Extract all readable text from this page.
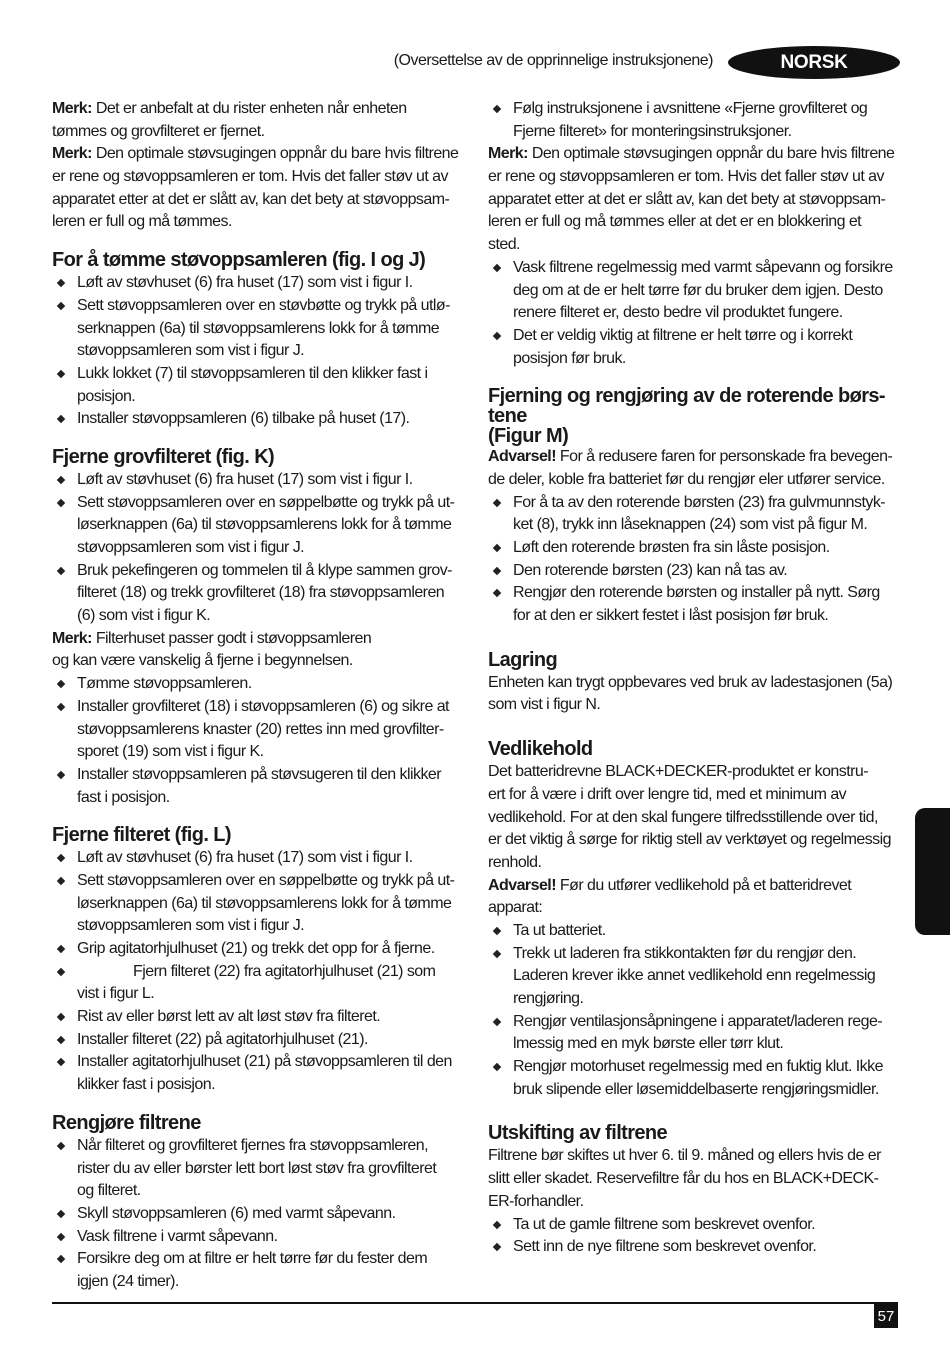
(Oversettelse av de opprinnelige instruksjonene)	NORSK
Merk: Det er anbefalt at du rister enheten når enheten
tømmes og grovfilteret er fjernet.
Merk: Den optimale støvsugingen oppnår du bare hvis filtrene
er rene og støvoppsamleren er tom. Hvis det faller støv ut av
apparatet etter at det er slått av, kan det bety at støvoppsam-
leren er full og må tømmes.
For å tømme støvoppsamleren (fig. I og J)
Løft av støvhuset (6) fra huset (17) som vist i figur I.
Sett støvoppsamleren over en støvbøtte og trykk på utlø-
serknappen (6a) til støvoppsamlerens lokk for å tømme
støvoppsamleren som vist i figur J.
Lukk lokket (7) til støvoppsamleren til den klikker fast i
posisjon.
Installer støvoppsamleren (6) tilbake på huset (17).
Fjerne grovfilteret (fig. K)
Løft av støvhuset (6) fra huset (17) som vist i figur I.
Sett støvoppsamleren over en søppelbøtte og trykk på ut-
løserknappen (6a) til støvoppsamlerens lokk for å tømme
støvoppsamleren som vist i figur J.
Bruk pekefingeren og tommelen til å klype sammen grov-
filteret (18) og trekk grovfilteret (18) fra støvoppsamleren
(6) som vist i figur K.
Merk: Filterhuset passer godt i støvoppsamleren
og kan være vanskelig å fjerne i begynnelsen.
Tømme støvoppsamleren.
Installer grovfilteret (18) i støvoppsamleren (6) og sikre at
støvoppsamlerens knaster (20) rettes inn med grovfilter-
sporet (19) som vist i figur K.
Installer støvoppsamleren på støvsugeren til den klikker
fast i posisjon.
Fjerne filteret (fig. L)
Løft av støvhuset (6) fra huset (17) som vist i figur I.
Sett støvoppsamleren over en søppelbøtte og trykk på ut-
løserknappen (6a) til støvoppsamlerens lokk for å tømme
støvoppsamleren som vist i figur J.
Grip agitatorhjulhuset (21) og trekk det opp for å fjerne.
Fjern filteret (22) fra agitatorhjulhuset (21) som
vist i figur L.
Rist av eller børst lett av alt løst støv fra filteret.
Installer filteret (22) på agitatorhjulhuset (21).
Installer agitatorhjulhuset (21) på støvoppsamleren til den
klikker fast i posisjon.
Rengjøre filtrene
Når filteret og grovfilteret fjernes fra støvoppsamleren,
rister du av eller børster lett bort løst støv fra grovfilteret
og filteret.
Skyll støvoppsamleren (6) med varmt såpevann.
Vask filtrene i varmt såpevann.
Forsikre deg om at filtre er helt tørre før du fester dem
igjen (24 timer).
Følg instruksjonene i avsnittene «Fjerne grovfilteret og
Fjerne filteret» for monteringsinstruksjoner.
Merk: Den optimale støvsugingen oppnår du bare hvis filtrene
er rene og støvoppsamleren er tom. Hvis det faller støv ut av
apparatet etter at det er slått av, kan det bety at støvoppsam-
leren er full og må tømmes eller at det er en blokkering et
sted.
Vask filtrene regelmessig med varmt såpevann og forsikre
deg om at de er helt tørre før du bruker dem igjen. Desto
renere filteret er, desto bedre vil produktet fungere.
Det er veldig viktig at filtrene er helt tørre og i korrekt
posisjon før bruk.
Fjerning og rengjøring av de roterende børs-
tene
(Figur M)
Advarsel! For å redusere faren for personskade fra bevegen-
de deler, koble fra batteriet før du rengjør eler utfører service.
For å ta av den roterende børsten (23) fra gulvmunnstyk-
ket (8), trykk inn låseknappen (24) som vist på figur M.
Løft den roterende brøsten fra sin låste posisjon.
Den roterende børsten (23) kan nå tas av.
Rengjør den roterende børsten og installer på nytt. Sørg
for at den er sikkert festet i låst posisjon før bruk.
Lagring
Enheten kan trygt oppbevares ved bruk av ladestasjonen (5a)
som vist i figur N.
Vedlikehold
Det batteridrevne BLACK+DECKER-produktet er konstru-
ert for å være i drift over lengre tid, med et minimum av
vedlikehold. For at den skal fungere tilfredsstillende over tid,
er det viktig å sørge for riktig stell av verktøyet og regelmessig
renhold.
Advarsel! Før du utfører vedlikehold på et batteridrevet
apparat:
Ta ut batteriet.
Trekk ut laderen fra stikkontakten før du rengjør den.
Laderen krever ikke annet vedlikehold enn regelmessig
rengjøring.
Rengjør ventilasjonsåpningene i apparatet/laderen rege-
lmessig med en myk børste eller tørr klut.
Rengjør motorhuset regelmessig med en fuktig klut. Ikke
bruk slipende eller løsemiddelbaserte rengjøringsmidler.
Utskifting av filtrene
Filtrene bør skiftes ut hver 6. til 9. måned og ellers hvis de er
slitt eller skadet. Reservefiltre får du hos en BLACK+DECK-
ER-forhandler.
Ta ut de gamle filtrene som beskrevet ovenfor.
Sett inn de nye filtrene som beskrevet ovenfor.
57
